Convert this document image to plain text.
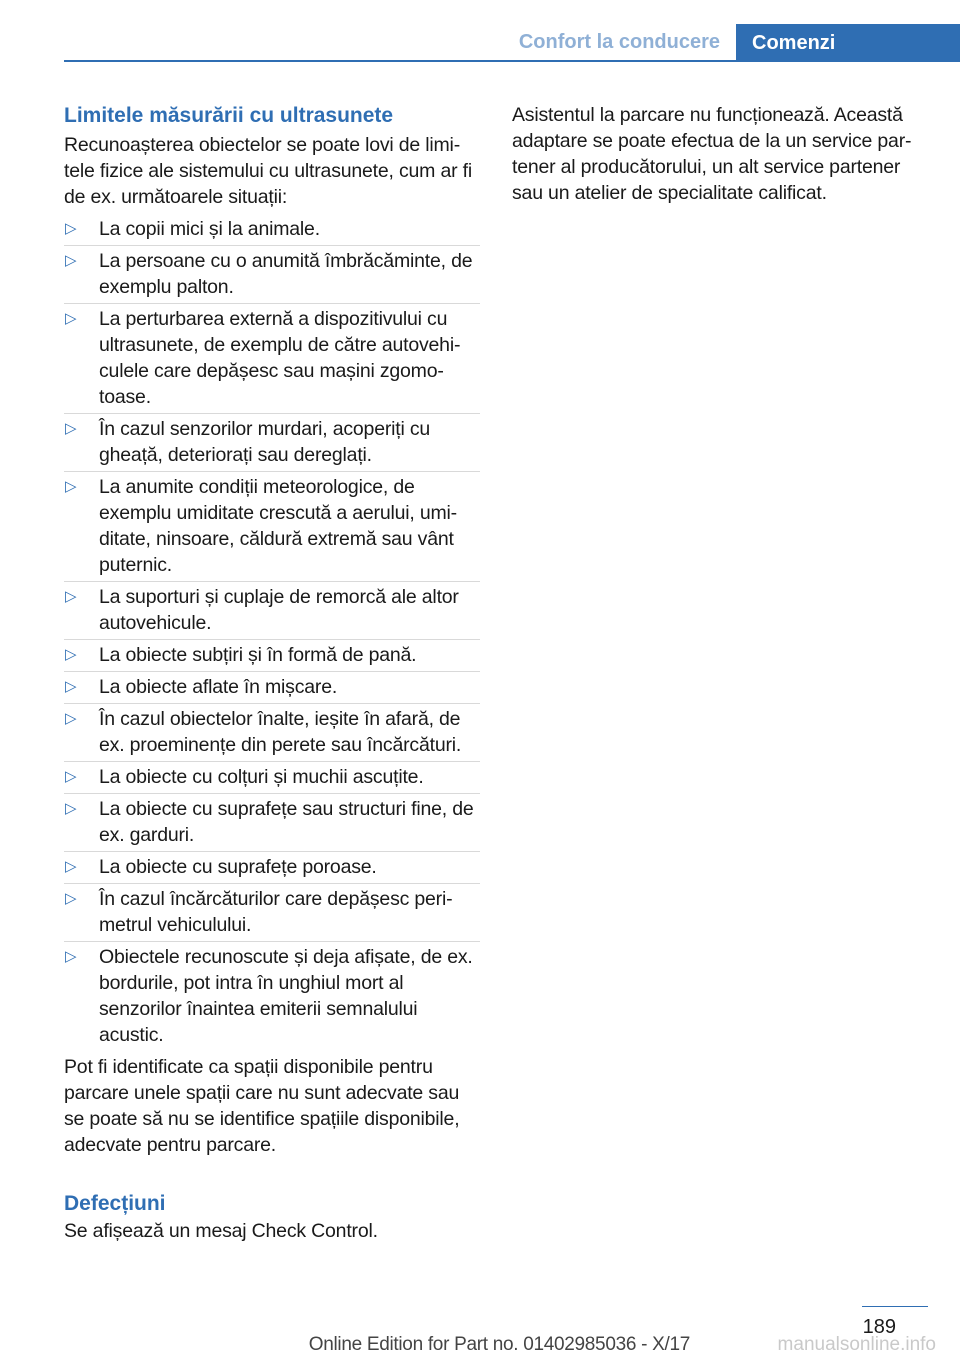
Confort la conducere	Comenzi
Limitele măsurării cu ultrasunete

Recunoașterea obiectelor se poate lovi de limitele fizice ale sistemului cu ultrasunete, cum ar fi de ex. următoarele situații:

▷ La copii mici și la animale.
▷ La persoane cu o anumită îmbrăcăminte, de exemplu palton.
▷ La perturbarea externă a dispozitivului cu ultrasunete, de exemplu de către autovehiculele care depășesc sau mașini zgomotoase.
▷ În cazul senzorilor murdari, acoperiți cu gheață, deteriorați sau dereglați.
▷ La anumite condiții meteorologice, de exemplu umiditate crescută a aerului, umiditate, ninsoare, căldură extremă sau vânt puternic.
▷ La suporturi și cuplaje de remorcă ale altor autovehicule.
▷ La obiecte subțiri și în formă de pană.
▷ La obiecte aflate în mișcare.
▷ În cazul obiectelor înalte, ieșite în afară, de ex. proeminențe din perete sau încărcături.
▷ La obiecte cu colțuri și muchii ascuțite.
▷ La obiecte cu suprafețe sau structuri fine, de ex. garduri.
▷ La obiecte cu suprafețe poroase.
▷ În cazul încărcăturilor care depășesc perimetrul vehiculului.
▷ Obiectele recunoscute și deja afișate, de ex. bordurile, pot intra în unghiul mort al senzorilor înaintea emiterii semnalului acustic.

Pot fi identificate ca spații disponibile pentru parcare unele spații care nu sunt adecvate sau se poate să nu se identifice spațiile disponibile, adecvate pentru parcare.

Defecțiuni

Se afișează un mesaj Check Control.

Asistentul la parcare nu funcționează. Această adaptare se poate efectua de la un service partener al producătorului, un alt service partener sau un atelier de specialitate calificat.

189
Online Edition for Part no. 01402985036 - X/17	manualsonline.info
